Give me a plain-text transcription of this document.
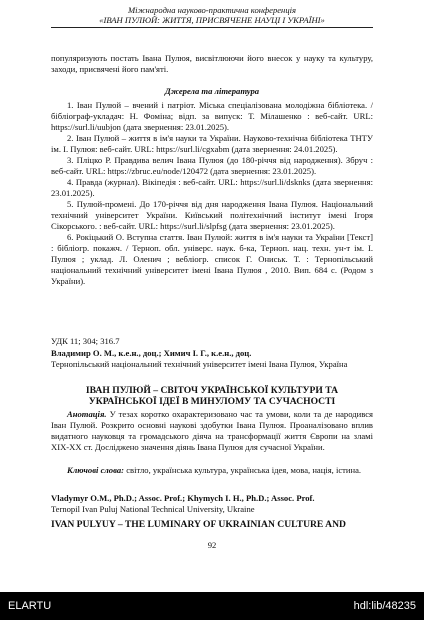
Міжнародна науково-практична конференція
«ІВАН ПУЛЮЙ: ЖИТТЯ, ПРИСВЯЧЕНЕ НАУЦІ І УКРАЇНІ»

популяризують постать Івана Пулюя, висвітлюючи його внесок у науку та культуру, заходи, присвячені його пам'яті.

Джерела та література

1. Іван Пулюй – вчений і патріот. Міська спеціалізована молодіжна бібліотека. / бібліограф-укладач: Н. Фоміна; відп. за випуск: Т. Мілашенко : веб-сайт. URL: https://surl.li/uubjon (дата звернення: 23.01.2025).
2. Іван Пулюй – життя в ім'я науки та України. Науково-технічна бібліотека ТНТУ ім. І. Пулюя: веб-сайт. URL: https://surl.li/cgxabm (дата звернення: 24.01.2025).
3. Пліцко Р. Правдива велич Івана Пулюя (до 180-річчя від народження). Збруч : веб-сайт. URL: https://zbruc.eu/node/120472 (дата звернення: 23.01.2025).
4. Правда (журнал). Вікіпедія : веб-сайт. URL: https://surl.li/dsknks (дата звернення: 23.01.2025).
5. Пулюй-промені. До 170-річчя від дня народження Івана Пулюя. Національний технічний університет України. Київський політехнічний інститут імені Ігоря Сікорського. : веб-сайт. URL: https://surl.li/slpfsg (дата звернення: 23.01.2025).
6. Рокіцький О. Вступна стаття. Іван Пулюй: життя в ім'я науки та України [Текст] : бібліогр. покажч. / Терноп. обл. універс. наук. б-ка, Терноп. нац. техн. ун-т ім. І. Пулюя ; уклад. Л. Оленич ; веблiогр. список Г. Ониськ. Т. : Тернопільський національний технічний університет імені Івана Пулюя , 2010. Вип. 684 с. (Родом з України).

УДК 11; 304; 316.7

Владимир О. М., к.е.н., доц.; Химич І. Г., к.е.н., доц.

Тернопільський національний технічний університет імені Івана Пулюя, Україна

ІВАН ПУЛЮЙ – СВІТОЧ УКРАЇНСЬКОЇ КУЛЬТУРИ ТА УКРАЇНСЬКОЇ ІДЕЇ В МИНУЛОМУ ТА СУЧАСНОСТІ

Анотація. У тезах коротко охарактеризовано час та умови, коли та де народився Іван Пулюй. Розкрито основні наукові здобутки Івана Пулюя. Проаналізовано вплив видатного науковця та громадського діяча на трансформації життя Європи на зламі ХІХ-ХХ ст. Досліджено значення діянь Івана Пулюя для сучасної України.

Ключові слова: світло, українська культура, українська ідея, мова, нація, істина.

Vladymyr O.M., Ph.D.; Assoc. Prof.; Khymych I. H., Ph.D.; Assoc. Prof.

Ternopil Ivan Puluj National Technical University, Ukraine

IVAN PULYUY – THE LUMINARY OF UKRAINIAN CULTURE AND

92
ELARTU	hdl:lib/48235
